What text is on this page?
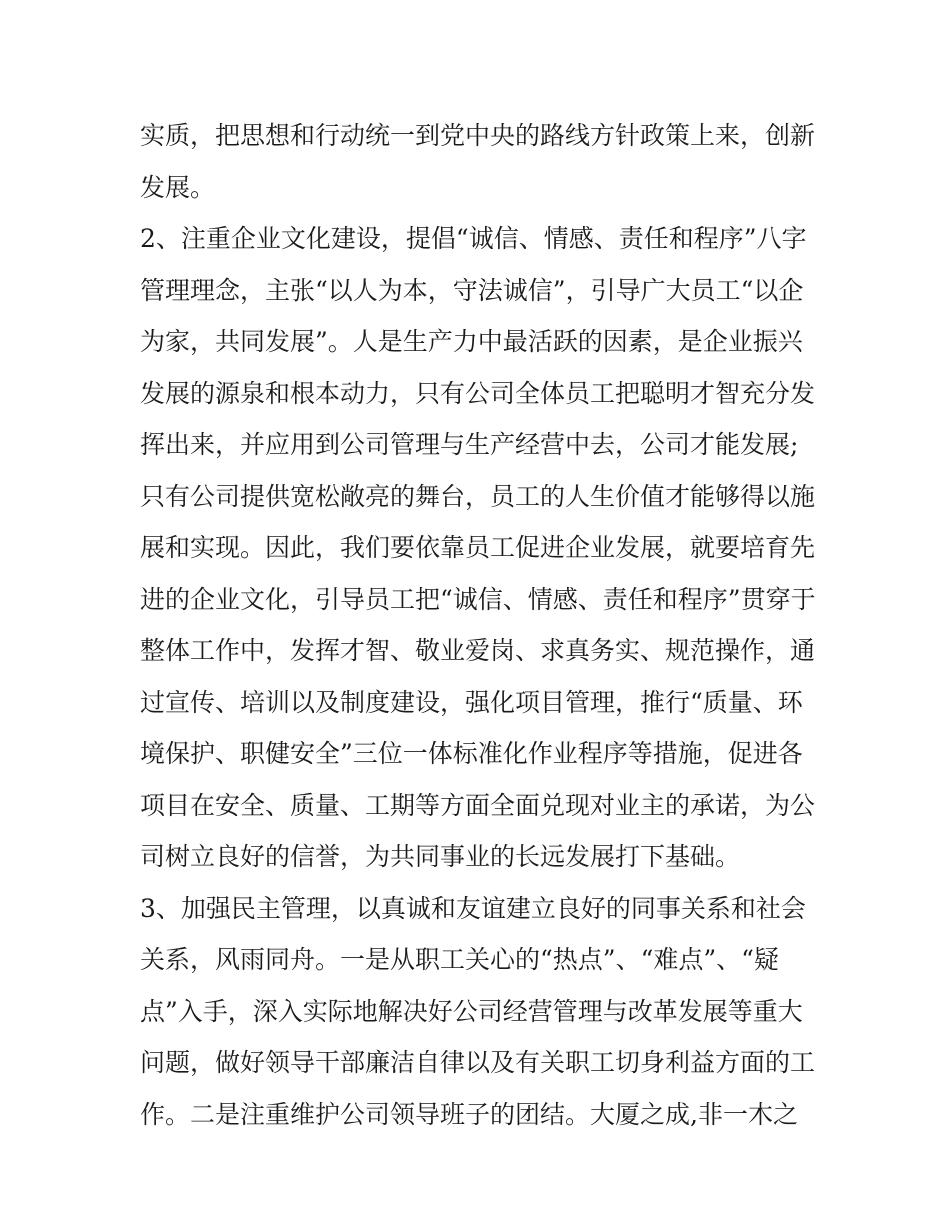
实质，把思想和行动统一到党中央的路线方针政策上来，创新
发展。
2、注重企业文化建设，提倡“诚信、情感、责任和程序”八字
管理理念，主张“以人为本，守法诚信”，引导广大员工“以企
为家，共同发展”。人是生产力中最活跃的因素，是企业振兴
发展的源泉和根本动力，只有公司全体员工把聪明才智充分发
挥出来，并应用到公司管理与生产经营中去，公司才能发展;
只有公司提供宽松敞亮的舞台，员工的人生价值才能够得以施
展和实现。因此，我们要依靠员工促进企业发展，就要培育先
进的企业文化，引导员工把“诚信、情感、责任和程序”贯穿于
整体工作中，发挥才智、敬业爱岗、求真务实、规范操作，通
过宣传、培训以及制度建设，强化项目管理，推行“质量、环
境保护、职健安全”三位一体标准化作业程序等措施，促进各
项目在安全、质量、工期等方面全面兑现对业主的承诺，为公
司树立良好的信誉，为共同事业的长远发展打下基础。
3、加强民主管理，以真诚和友谊建立良好的同事关系和社会
关系，风雨同舟。一是从职工关心的“热点”、“难点”、“疑
点”入手，深入实际地解决好公司经营管理与改革发展等重大
问题，做好领导干部廉洁自律以及有关职工切身利益方面的工
作。二是注重维护公司领导班子的团结。大厦之成,非一木之
